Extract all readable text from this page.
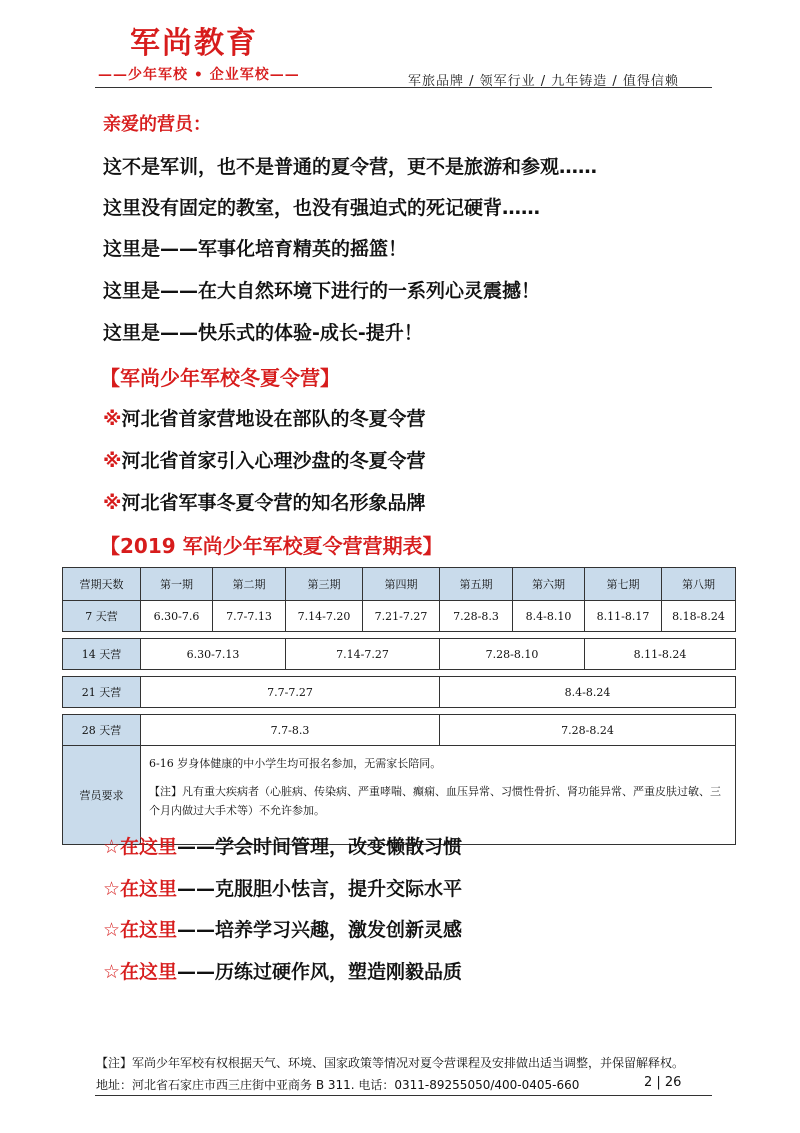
军尚教育
——少年军校 • 企业军校——	军旅品牌 / 领军行业 / 九年铸造 / 值得信赖
亲爱的营员：
这不是军训，也不是普通的夏令营，更不是旅游和参观……
这里没有固定的教室，也没有强迫式的死记硬背……
这里是——军事化培育精英的摇篮！
这里是——在大自然环境下进行的一系列心灵震撼！
这里是——快乐式的体验-成长-提升！
【军尚少年军校冬夏令营】
※河北省首家营地设在部队的冬夏令营
※河北省首家引入心理沙盘的冬夏令营
※河北省军事冬夏令营的知名形象品牌
【2019 军尚少年军校夏令营营期表】
营期天数	第一期	第二期	第三期	第四期	第五期	第六期	第七期	第八期
7 天营	6.30-7.6	7.7-7.13	7.14-7.20	7.21-7.27	7.28-8.3	8.4-8.10	8.11-8.17	8.18-8.24

14 天营	6.30-7.13		7.14-7.27		7.28-8.10		8.11-8.24	

21 天营	7.7-7.27				8.4-8.24			

28 天营	7.7-8.3				7.28-8.24			
营员要求	6-16 岁身体健康的中小学生均可报名参加，无需家长陪同。

【注】凡有重大疾病者（心脏病、传染病、严重哮喘、癫痫、血压异常、习惯性骨折、肾功能异常、严重皮肤过敏、三个月内做过大手术等）不允许参加。							

☆在这里——学会时间管理，改变懒散习惯
☆在这里——克服胆小怯言，提升交际水平
☆在这里——培养学习兴趣，激发创新灵感
☆在这里——历练过硬作风，塑造刚毅品质
【注】军尚少年军校有权根据天气、环境、国家政策等情况对夏令营课程及安排做出适当调整，并保留解释权。
地址：河北省石家庄市西三庄街中亚商务 B 311. 电话：0311-89255050/400-0405-660	2 | 26
